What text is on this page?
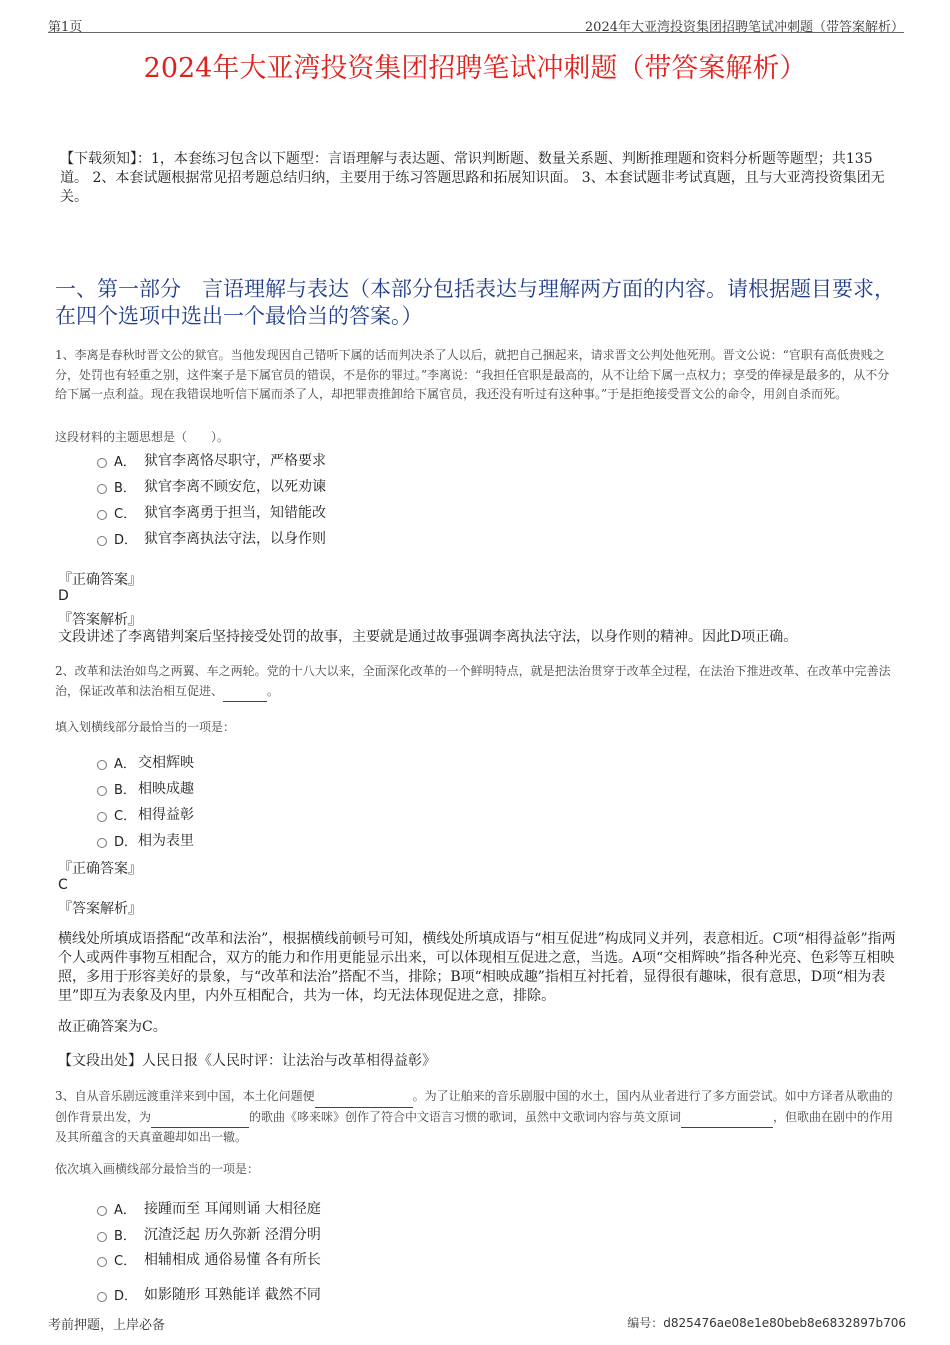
第1页	2024年大亚湾投资集团招聘笔试冲刺题（带答案解析）
2024年大亚湾投资集团招聘笔试冲刺题（带答案解析）
【下载须知】：1，本套练习包含以下题型：言语理解与表达题、常识判断题、数量关系题、判断推理题和资料分析题等题型；共135道。 2、本套试题根据常见招考题总结归纳，主要用于练习答题思路和拓展知识面。 3、本套试题非考试真题，且与大亚湾投资集团无关。
一、第一部分　言语理解与表达（本部分包括表达与理解两方面的内容。请根据题目要求，在四个选项中选出一个最恰当的答案。）
1、李离是春秋时晋文公的狱官。当他发现因自己错听下属的话而判决杀了人以后，就把自己捆起来，请求晋文公判处他死刑。晋文公说：“官职有高低贵贱之分，处罚也有轻重之别，这件案子是下属官员的错误，不是你的罪过。”李离说：“我担任官职是最高的，从不让给下属一点权力；享受的俸禄是最多的，从不分给下属一点利益。现在我错误地听信下属而杀了人，却把罪责推卸给下属官员，我还没有听过有这种事。”于是拒绝接受晋文公的命令，用剑自杀而死。
这段材料的主题思想是（　　）。
A． 狱官李离恪尽职守，严格要求
B． 狱官李离不顾安危，以死劝谏
C． 狱官李离勇于担当，知错能改
D． 狱官李离执法守法，以身作则
『正确答案』
D
『答案解析』
文段讲述了李离错判案后坚持接受处罚的故事，主要就是通过故事强调李离执法守法，以身作则的精神。因此D项正确。
2、改革和法治如鸟之两翼、车之两轮。党的十八大以来，全面深化改革的一个鲜明特点，就是把法治贯穿于改革全过程，在法治下推进改革、在改革中完善法治，保证改革和法治相互促进、	。
填入划横线部分最恰当的一项是：
A． 交相辉映
B． 相映成趣
C． 相得益彰
D． 相为表里
『正确答案』
C
『答案解析』
横线处所填成语搭配“改革和法治”，根据横线前顿号可知，横线处所填成语与“相互促进”构成同义并列，表意相近。C项“相得益彰”指两个人或两件事物互相配合，双方的能力和作用更能显示出来，可以体现相互促进之意，当选。A项“交相辉映”指各种光亮、色彩等互相映照，多用于形容美好的景象，与“改革和法治”搭配不当，排除；B项“相映成趣”指相互衬托着，显得很有趣味，很有意思，D项“相为表里”即互为表象及内里，内外互相配合，共为一体，均无法体现促进之意，排除。
故正确答案为C。
【文段出处】人民日报《人民时评：让法治与改革相得益彰》
3、自从音乐剧远渡重洋来到中国，本土化问题便	。为了让舶来的音乐剧服中国的水土，国内从业者进行了多方面尝试。如中方译者从歌曲的创作背景出发，为	的歌曲《哆来咪》创作了符合中文语言习惯的歌词，虽然中文歌词内容与英文原词	，但歌曲在剧中的作用及其所蕴含的天真童趣却如出一辙。
依次填入画横线部分最恰当的一项是：
A． 接踵而至 耳闻则诵 大相径庭
B． 沉渣泛起 历久弥新 泾渭分明
C． 相辅相成 通俗易懂 各有所长
D． 如影随形 耳熟能详 截然不同
考前押题，上岸必备	编号：d825476ae08e1e80beb8e6832897b706
